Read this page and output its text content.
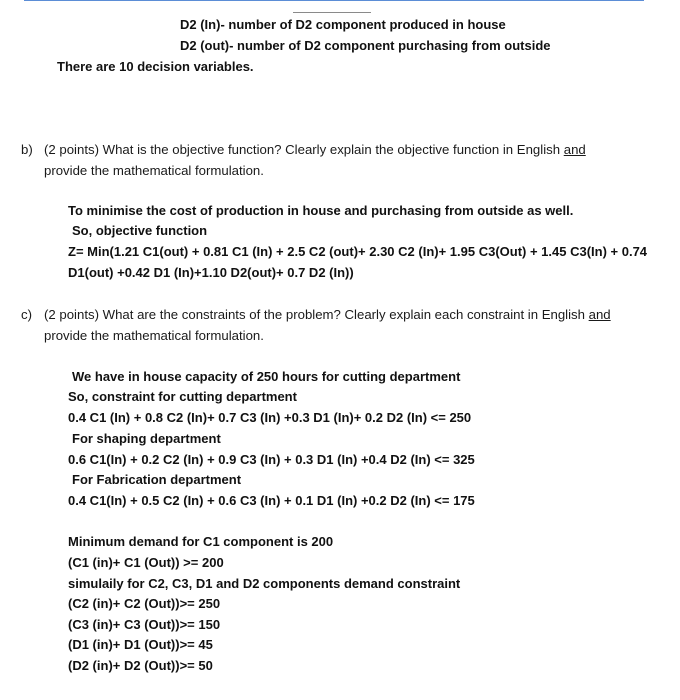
D2 (In)- number of D2 component produced in house
D2 (out)- number of D2 component purchasing from outside
There are 10 decision variables.
b) (2 points) What is the objective function? Clearly explain the objective function in English and
provide the mathematical formulation.
To minimise the cost of production in house and purchasing from outside as well.
So, objective function
Z= Min(1.21 C1(out) + 0.81 C1 (In) + 2.5 C2 (out)+ 2.30 C2 (In)+ 1.95 C3(Out) + 1.45 C3(In) + 0.74
D1(out) +0.42 D1 (In)+1.10 D2(out)+ 0.7 D2 (In))
c) (2 points) What are the constraints of the problem? Clearly explain each constraint in English and
provide the mathematical formulation.
We have in house capacity of 250 hours for cutting department
So, constraint for cutting department
0.4 C1 (In) + 0.8 C2 (In)+ 0.7 C3 (In) +0.3 D1 (In)+ 0.2 D2 (In) <= 250
For shaping department
0.6 C1(In) + 0.2 C2 (In) + 0.9 C3 (In) + 0.3 D1 (In) +0.4 D2 (In) <= 325
For Fabrication department
0.4 C1(In) + 0.5 C2 (In) + 0.6 C3 (In) + 0.1 D1 (In) +0.2 D2 (In) <= 175
Minimum demand for C1 component is 200
(C1 (in)+ C1 (Out)) >= 200
simulaily for C2, C3, D1 and D2 components demand constraint
(C2 (in)+ C2 (Out))>= 250
(C3 (in)+ C3 (Out))>= 150
(D1 (in)+ D1 (Out))>= 45
(D2 (in)+ D2 (Out))>= 50
